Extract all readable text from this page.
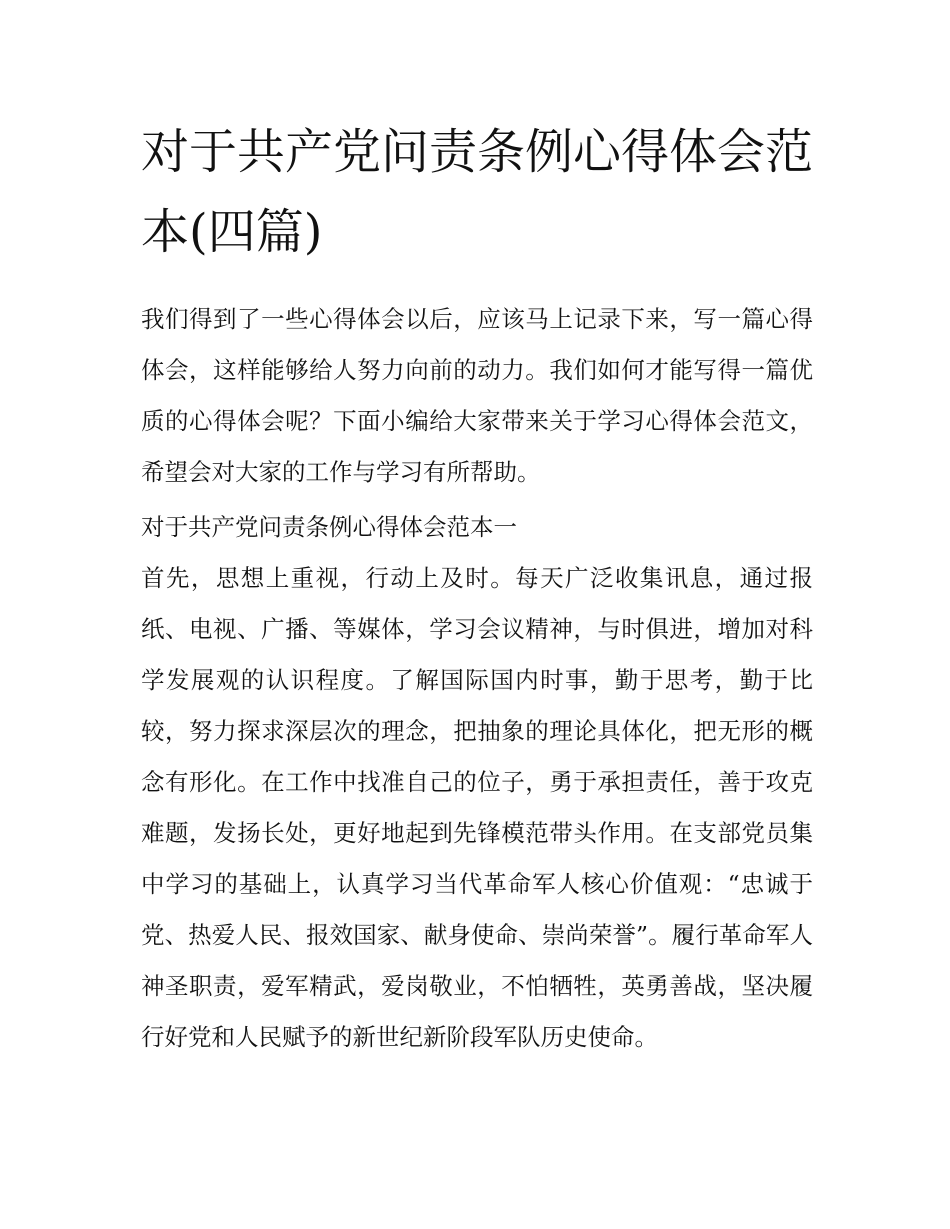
对于共产党问责条例心得体会范本(四篇)

我们得到了一些心得体会以后，应该马上记录下来，写一篇心得体会，这样能够给人努力向前的动力。我们如何才能写得一篇优质的心得体会呢？下面小编给大家带来关于学习心得体会范文，希望会对大家的工作与学习有所帮助。

对于共产党问责条例心得体会范本一

首先，思想上重视，行动上及时。每天广泛收集讯息，通过报纸、电视、广播、等媒体，学习会议精神，与时俱进，增加对科学发展观的认识程度。了解国际国内时事，勤于思考，勤于比较，努力探求深层次的理念，把抽象的理论具体化，把无形的概念有形化。在工作中找准自己的位子，勇于承担责任，善于攻克难题，发扬长处，更好地起到先锋模范带头作用。在支部党员集中学习的基础上，认真学习当代革命军人核心价值观：“忠诚于党、热爱人民、报效国家、献身使命、崇尚荣誉”。履行革命军人神圣职责，爱军精武，爱岗敬业，不怕牺牲，英勇善战，坚决履行好党和人民赋予的新世纪新阶段军队历史使命。
